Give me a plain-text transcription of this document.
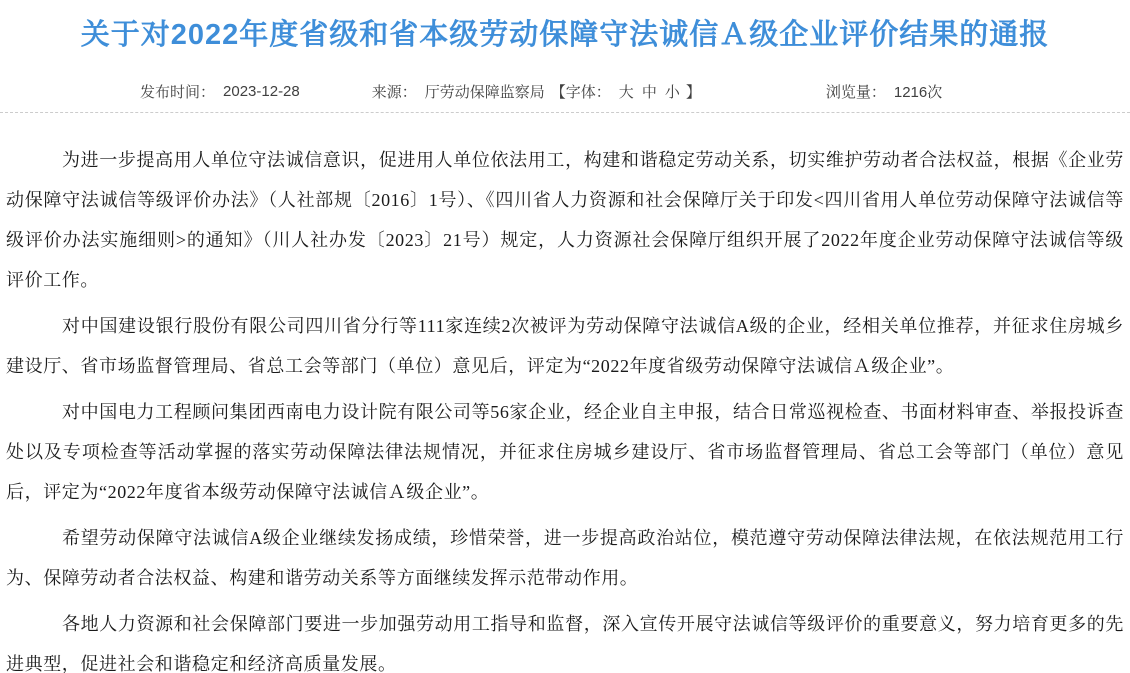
关于对2022年度省级和省本级劳动保障守法诚信Ａ级企业评价结果的通报
发布时间： 2023-12-28	来源： 厅劳动保障监察局 【字体： 大 中 小 】	浏览量： 1216次

为进一步提高用人单位守法诚信意识，促进用人单位依法用工，构建和谐稳定劳动关系，切实维护劳动者合法权益，根据《企业劳动保障守法诚信等级评价办法》（人社部规〔2016〕1号）、《四川省人力资源和社会保障厅关于印发<四川省用人单位劳动保障守法诚信等级评价办法实施细则>的通知》（川人社办发〔2023〕21号）规定，人力资源社会保障厅组织开展了2022年度企业劳动保障守法诚信等级评价工作。

对中国建设银行股份有限公司四川省分行等111家连续2次被评为劳动保障守法诚信A级的企业，经相关单位推荐，并征求住房城乡建设厅、省市场监督管理局、省总工会等部门（单位）意见后，评定为“2022年度省级劳动保障守法诚信Ａ级企业”。

对中国电力工程顾问集团西南电力设计院有限公司等56家企业，经企业自主申报，结合日常巡视检查、书面材料审查、举报投诉查处以及专项检查等活动掌握的落实劳动保障法律法规情况，并征求住房城乡建设厅、省市场监督管理局、省总工会等部门（单位）意见后，评定为“2022年度省本级劳动保障守法诚信Ａ级企业”。

希望劳动保障守法诚信A级企业继续发扬成绩，珍惜荣誉，进一步提高政治站位，模范遵守劳动保障法律法规，在依法规范用工行为、保障劳动者合法权益、构建和谐劳动关系等方面继续发挥示范带动作用。

各地人力资源和社会保障部门要进一步加强劳动用工指导和监督，深入宣传开展守法诚信等级评价的重要意义，努力培育更多的先进典型，促进社会和谐稳定和经济高质量发展。
